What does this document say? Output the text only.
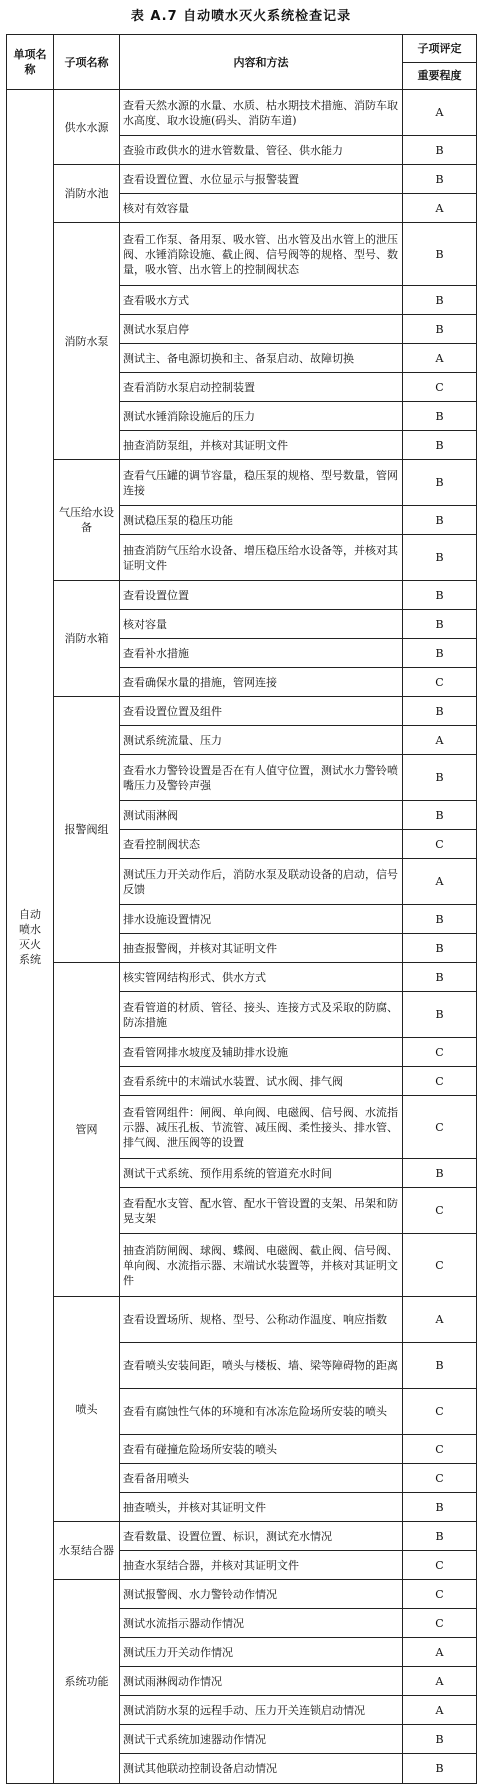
表 A.7 自动喷水灭火系统检查记录
单项名称	子项名称	内容和方法	子项评定
重要程度

自动喷水灭火系统	供水水源	查看天然水源的水量、水质、枯水期技术措施、消防车取水高度、取水设施(码头、消防车道)	A
		查验市政供水的进水管数量、管径、供水能力	B
	消防水池	查看设置位置、水位显示与报警装置	B
		核对有效容量	A
	消防水泵	查看工作泵、备用泵、吸水管、出水管及出水管上的泄压阀、水锤消除设施、截止阀、信号阀等的规格、型号、数量，吸水管、出水管上的控制阀状态	B
		查看吸水方式	B
		测试水泵启停	B
		测试主、备电源切换和主、备泵启动、故障切换	A
		查看消防水泵启动控制装置	C
		测试水锤消除设施后的压力	B
		抽查消防泵组，并核对其证明文件	B
	气压给水设备	查看气压罐的调节容量，稳压泵的规格、型号数量，管网连接	B
		测试稳压泵的稳压功能	B
		抽查消防气压给水设备、增压稳压给水设备等，并核对其证明文件	B
	消防水箱	查看设置位置	B
		核对容量	B
		查看补水措施	B
		查看确保水量的措施，管网连接	C
	报警阀组	查看设置位置及组件	B
		测试系统流量、压力	A
		查看水力警铃设置是否在有人值守位置，测试水力警铃喷嘴压力及警铃声强	B
		测试雨淋阀	B
		查看控制阀状态	C
		测试压力开关动作后，消防水泵及联动设备的启动，信号反馈	A
		排水设施设置情况	B
		抽查报警阀，并核对其证明文件	B
	管网	核实管网结构形式、供水方式	B
		查看管道的材质、管径、接头、连接方式及采取的防腐、防冻措施	B
		查看管网排水坡度及辅助排水设施	C
		查看系统中的末端试水装置、试水阀、排气阀	C
		查看管网组件：闸阀、单向阀、电磁阀、信号阀、水流指示器、减压孔板、节流管、减压阀、柔性接头、排水管、排气阀、泄压阀等的设置	C
		测试干式系统、预作用系统的管道充水时间	B
		查看配水支管、配水管、配水干管设置的支架、吊架和防晃支架	C
		抽查消防闸阀、球阀、蝶阀、电磁阀、截止阀、信号阀、单向阀、水流指示器、末端试水装置等，并核对其证明文件	C
	喷头	查看设置场所、规格、型号、公称动作温度、响应指数	A
		查看喷头安装间距，喷头与楼板、墙、梁等障碍物的距离	B
		查看有腐蚀性气体的环境和有冰冻危险场所安装的喷头	C
		查看有碰撞危险场所安装的喷头	C
		查看备用喷头	C
		抽查喷头，并核对其证明文件	B
	水泵结合器	查看数量、设置位置、标识，测试充水情况	B
		抽查水泵结合器，并核对其证明文件	C
	系统功能	测试报警阀、水力警铃动作情况	C
		测试水流指示器动作情况	C
		测试压力开关动作情况	A
		测试雨淋阀动作情况	A
		测试消防水泵的远程手动、压力开关连锁启动情况	A
		测试干式系统加速器动作情况	B
		测试其他联动控制设备启动情况	B
